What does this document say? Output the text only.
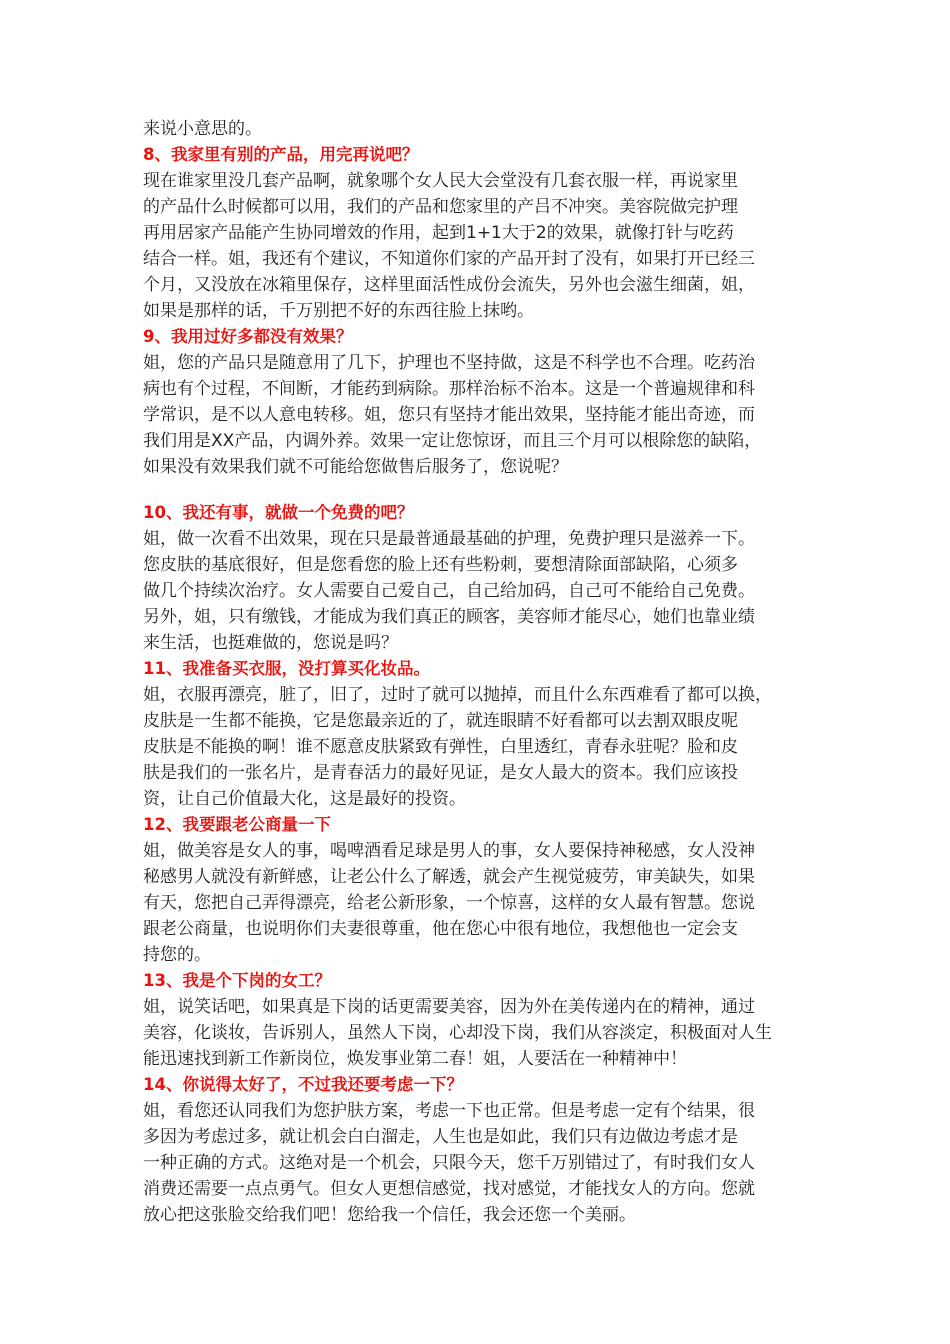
来说小意思的。
8、我家里有别的产品，用完再说吧？
现在谁家里没几套产品啊，就象哪个女人民大会堂没有几套衣服一样，再说家里
的产品什么时候都可以用，我们的产品和您家里的产吕不冲突。美容院做完护理
再用居家产品能产生协同增效的作用，起到1+1大于2的效果，就像打针与吃药
结合一样。姐，我还有个建议，不知道你们家的产品开封了没有，如果打开已经三
个月，又没放在冰箱里保存，这样里面活性成份会流失，另外也会滋生细菌，姐，
如果是那样的话，千万别把不好的东西往脸上抹哟。
9、我用过好多都没有效果？
姐，您的产品只是随意用了几下，护理也不坚持做，这是不科学也不合理。吃药治
病也有个过程，不间断，才能药到病除。那样治标不治本。这是一个普遍规律和科
学常识，是不以人意电转移。姐，您只有坚持才能出效果，坚持能才能出奇迹，而
我们用是XX产品，内调外养。效果一定让您惊讶，而且三个月可以根除您的缺陷，
如果没有效果我们就不可能给您做售后服务了，您说呢？
10、我还有事，就做一个免费的吧？
姐，做一次看不出效果，现在只是最普通最基础的护理，免费护理只是滋养一下。
您皮肤的基底很好，但是您看您的脸上还有些粉刺，要想清除面部缺陷，心须多
做几个持续次治疗。女人需要自己爱自己，自己给加码，自己可不能给自己免费。
另外，姐，只有缴钱，才能成为我们真正的顾客，美容师才能尽心，她们也靠业绩
来生活，也挺难做的，您说是吗？
11、我准备买衣服，没打算买化妆品。
姐，衣服再漂亮，脏了，旧了，过时了就可以抛掉，而且什么东西难看了都可以换，
皮肤是一生都不能换，它是您最亲近的了，就连眼睛不好看都可以去割双眼皮呢
皮肤是不能换的啊！谁不愿意皮肤紧致有弹性，白里透红，青春永驻呢？脸和皮
肤是我们的一张名片，是青春活力的最好见证，是女人最大的资本。我们应该投
资，让自己价值最大化，这是最好的投资。
12、我要跟老公商量一下
姐，做美容是女人的事，喝啤酒看足球是男人的事，女人要保持神秘感，女人没神
秘感男人就没有新鲜感，让老公什么了解透，就会产生视觉疲劳，审美缺失，如果
有天，您把自己弄得漂亮，给老公新形象，一个惊喜，这样的女人最有智慧。您说
跟老公商量，也说明你们夫妻很尊重，他在您心中很有地位，我想他也一定会支
持您的。
13、我是个下岗的女工？
姐，说笑话吧，如果真是下岗的话更需要美容，因为外在美传递内在的精神，通过
美容，化谈妆，告诉别人，虽然人下岗，心却没下岗，我们从容淡定，积极面对人生
能迅速找到新工作新岗位，焕发事业第二春！姐，人要活在一种精神中！
14、你说得太好了，不过我还要考虑一下？
姐，看您还认同我们为您护肤方案，考虑一下也正常。但是考虑一定有个结果，很
多因为考虑过多，就让机会白白溜走，人生也是如此，我们只有边做边考虑才是
一种正确的方式。这绝对是一个机会，只限今天，您千万别错过了，有时我们女人
消费还需要一点点勇气。但女人更想信感觉，找对感觉，才能找女人的方向。您就
放心把这张脸交给我们吧！您给我一个信任，我会还您一个美丽。
